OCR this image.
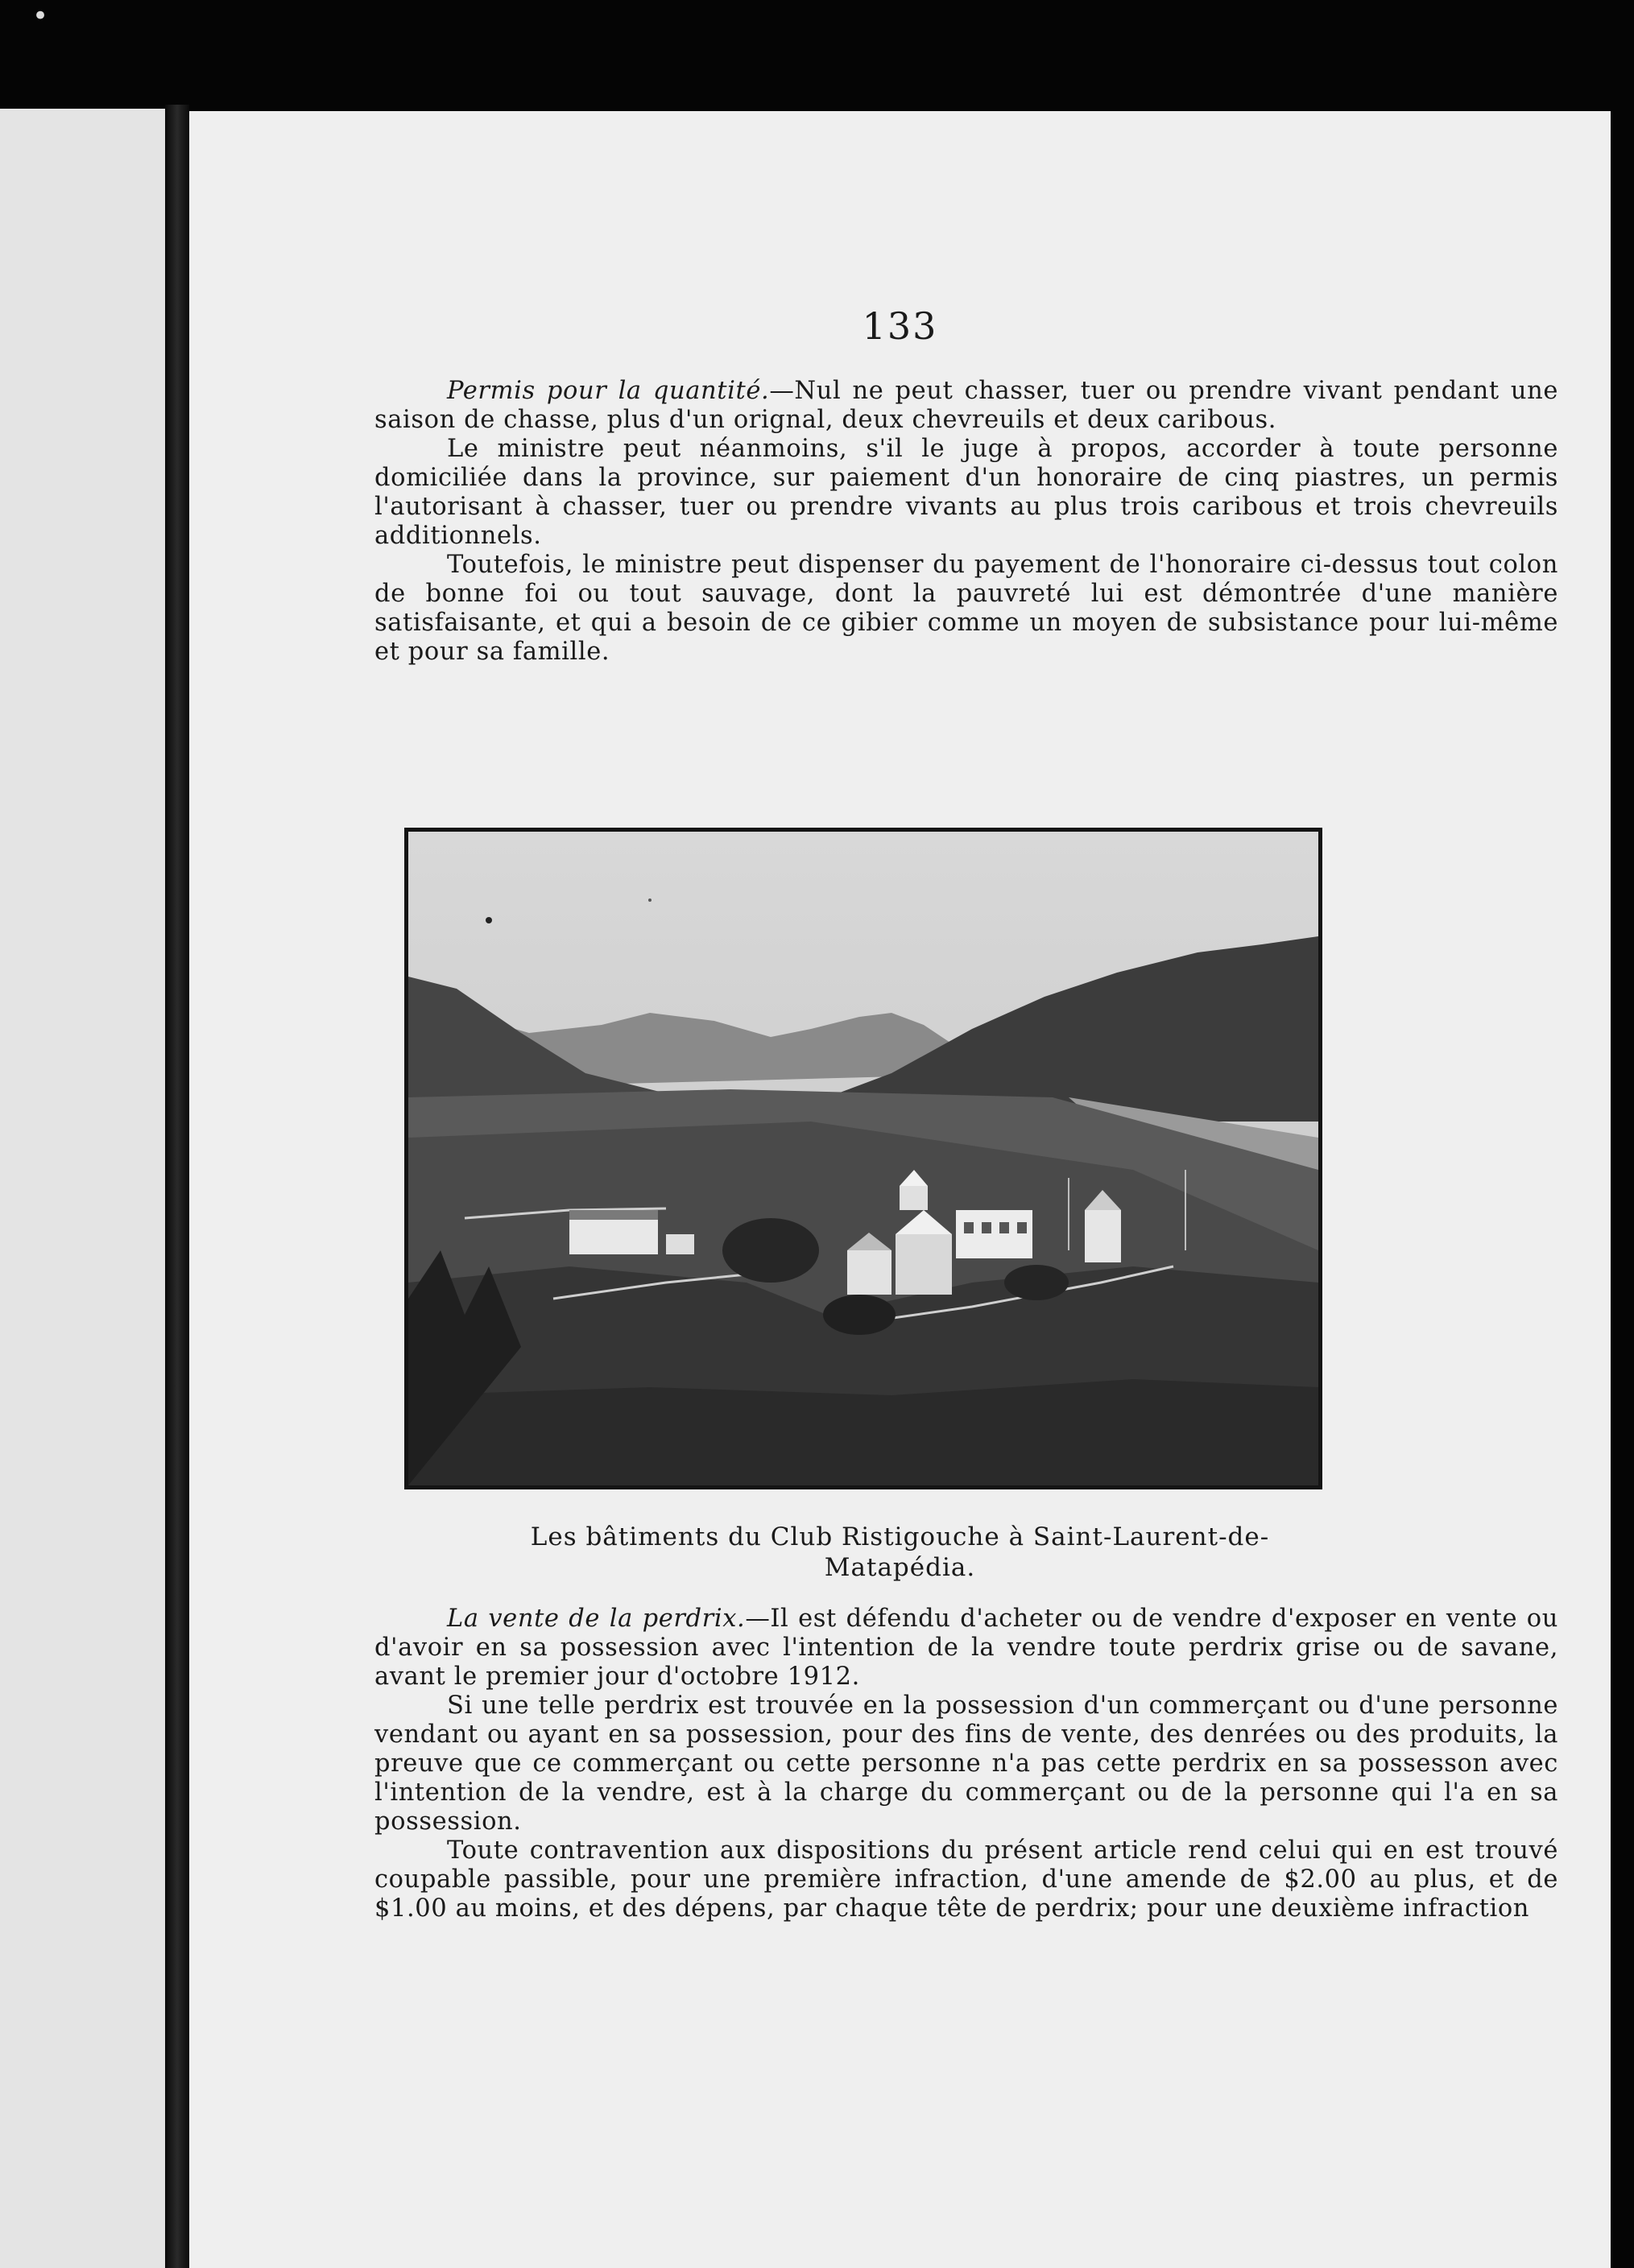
•
133

Permis pour la quantité.—Nul ne peut chasser, tuer ou prendre vivant pendant une saison de chasse, plus d'un orignal, deux chevreuils et deux caribous.

Le ministre peut néanmoins, s'il le juge à propos, accorder à toute personne domiciliée dans la province, sur paiement d'un honoraire de cinq piastres, un permis l'autorisant à chasser, tuer ou prendre vivants au plus trois caribous et trois chevreuils additionnels.

Toutefois, le ministre peut dispenser du payement de l'honoraire ci-dessus tout colon de bonne foi ou tout sauvage, dont la pauvreté lui est démontrée d'une manière satisfaisante, et qui a besoin de ce gibier comme un moyen de subsistance pour lui-même et pour sa famille.

Les bâtiments du Club Ristigouche à Saint-Laurent-de-
Matapédia.

La vente de la perdrix.—Il est défendu d'acheter ou de vendre d'exposer en vente ou d'avoir en sa possession avec l'intention de la vendre toute perdrix grise ou de savane, avant le premier jour d'octobre 1912.

Si une telle perdrix est trouvée en la possession d'un commerçant ou d'une personne vendant ou ayant en sa possession, pour des fins de vente, des denrées ou des produits, la preuve que ce commerçant ou cette personne n'a pas cette perdrix en sa possesson avec l'intention de la vendre, est à la charge du commerçant ou de la personne qui l'a en sa possession.

Toute contravention aux dispositions du présent article rend celui qui en est trouvé coupable passible, pour une première infraction, d'une amende de $2.00 au plus, et de $1.00 au moins, et des dépens, par chaque tête de perdrix; pour une deuxième infraction
